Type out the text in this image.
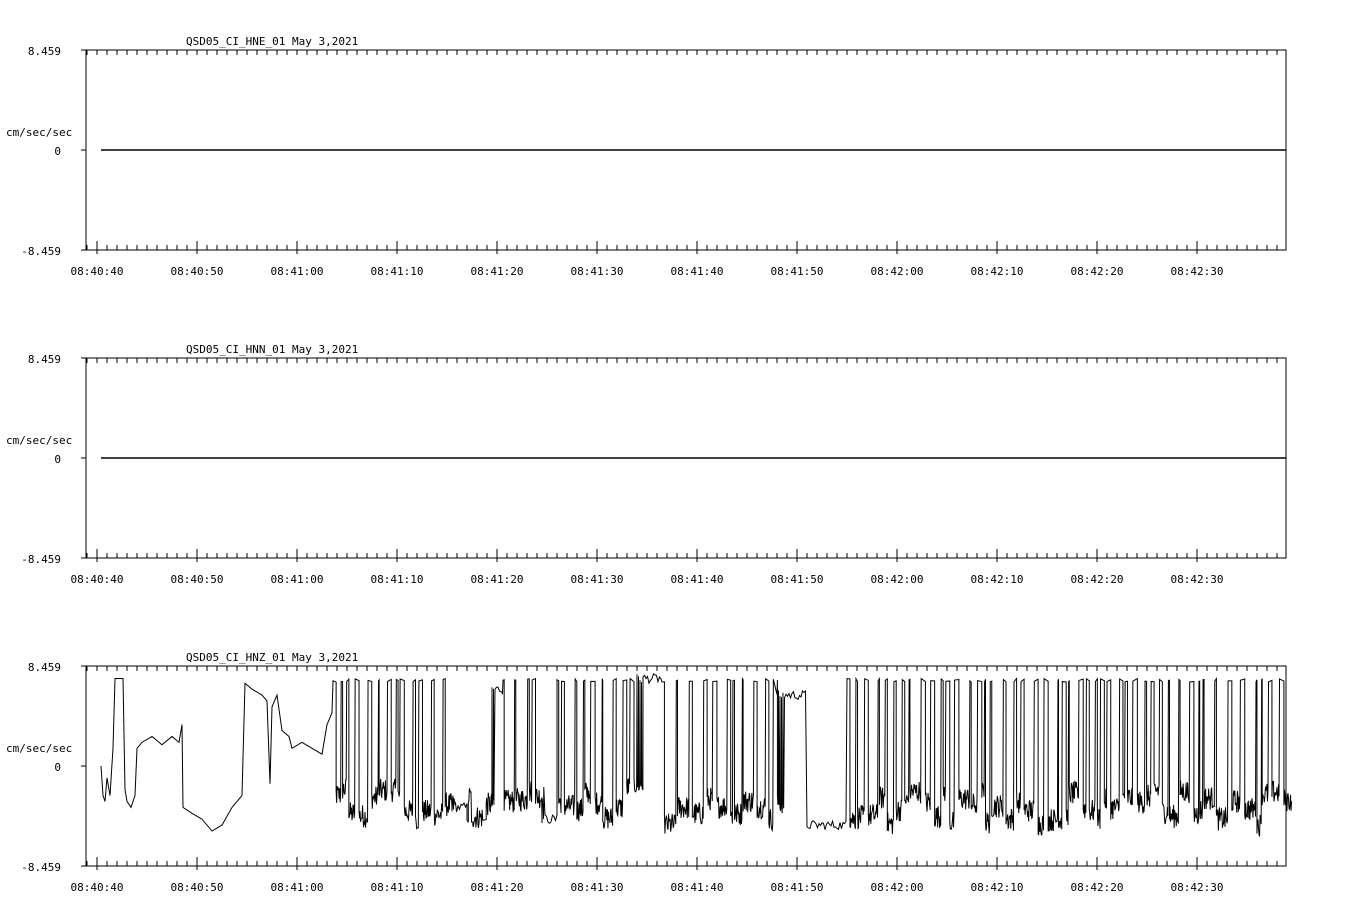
QSD05_CI_HNE_01 May 3,2021
cm/sec/sec
8.459
0
-8.459
08:40:40	08:40:50	08:41:00	08:41:10	08:41:20	08:41:30	08:41:40	08:41:50	08:42:00	08:42:10	08:42:20	08:42:30
QSD05_CI_HNN_01 May 3,2021
cm/sec/sec
8.459
0
-8.459
08:40:40	08:40:50	08:41:00	08:41:10	08:41:20	08:41:30	08:41:40	08:41:50	08:42:00	08:42:10	08:42:20	08:42:30
QSD05_CI_HNZ_01 May 3,2021
cm/sec/sec
8.459
0
-8.459
08:40:40	08:40:50	08:41:00	08:41:10	08:41:20	08:41:30	08:41:40	08:41:50	08:42:00	08:42:10	08:42:20	08:42:30
